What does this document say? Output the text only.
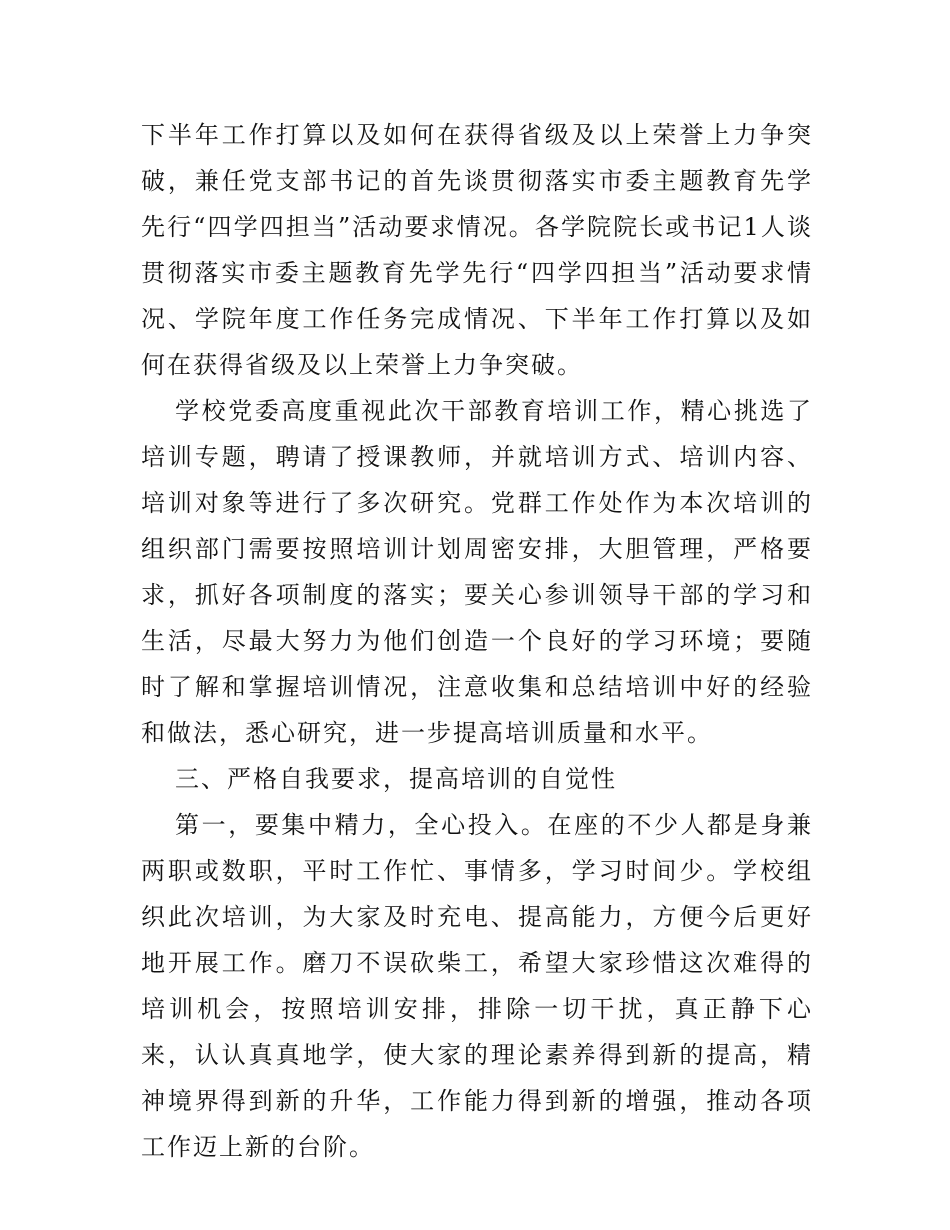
下半年工作打算以及如何在获得省级及以上荣誉上力争突破，兼任党支部书记的首先谈贯彻落实市委主题教育先学先行“四学四担当”活动要求情况。各学院院长或书记1人谈贯彻落实市委主题教育先学先行“四学四担当”活动要求情况、学院年度工作任务完成情况、下半年工作打算以及如何在获得省级及以上荣誉上力争突破。

学校党委高度重视此次干部教育培训工作，精心挑选了培训专题，聘请了授课教师，并就培训方式、培训内容、培训对象等进行了多次研究。党群工作处作为本次培训的组织部门需要按照培训计划周密安排，大胆管理，严格要求，抓好各项制度的落实；要关心参训领导干部的学习和生活，尽最大努力为他们创造一个良好的学习环境；要随时了解和掌握培训情况，注意收集和总结培训中好的经验和做法，悉心研究，进一步提高培训质量和水平。

三、严格自我要求，提高培训的自觉性

第一，要集中精力，全心投入。在座的不少人都是身兼两职或数职，平时工作忙、事情多，学习时间少。学校组织此次培训，为大家及时充电、提高能力，方便今后更好地开展工作。磨刀不误砍柴工，希望大家珍惜这次难得的培训机会，按照培训安排，排除一切干扰，真正静下心来，认认真真地学，使大家的理论素养得到新的提高，精神境界得到新的升华，工作能力得到新的增强，推动各项工作迈上新的台阶。
